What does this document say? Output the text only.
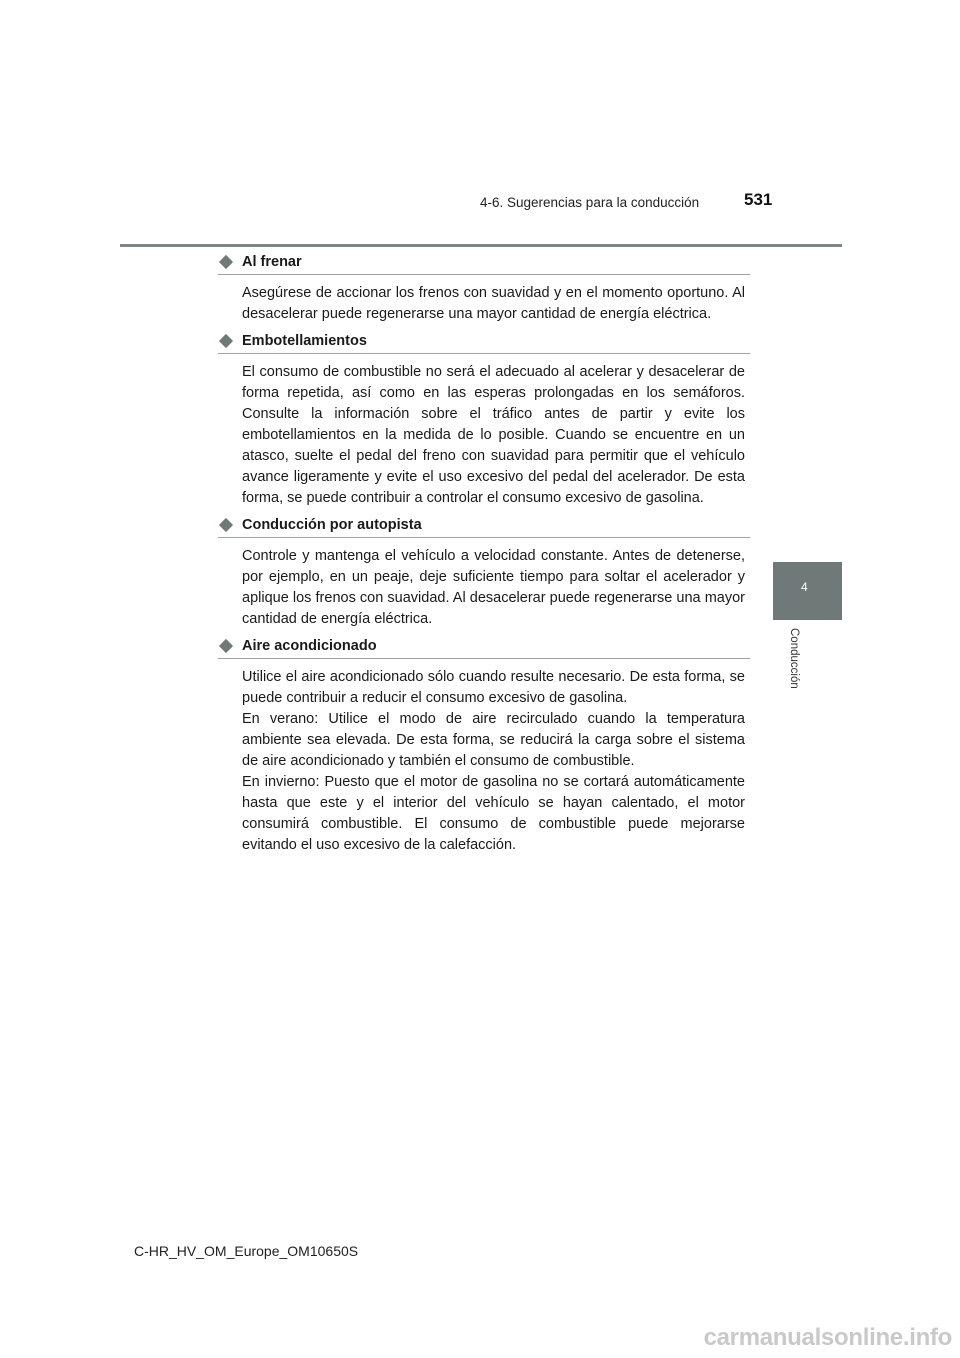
4-6. Sugerencias para la conducción	531
4
Conducción
Al frenar

Asegúrese de accionar los frenos con suavidad y en el momento oportuno. Al desacelerar puede regenerarse una mayor cantidad de energía eléctrica.

Embotellamientos

El consumo de combustible no será el adecuado al acelerar y desacelerar de forma repetida, así como en las esperas prolongadas en los semáforos. Consulte la información sobre el tráfico antes de partir y evite los embotellamientos en la medida de lo posible. Cuando se encuentre en un atasco, suelte el pedal del freno con suavidad para permitir que el vehículo avance ligeramente y evite el uso excesivo del pedal del acelerador. De esta forma, se puede contribuir a controlar el consumo excesivo de gasolina.

Conducción por autopista

Controle y mantenga el vehículo a velocidad constante. Antes de detenerse, por ejemplo, en un peaje, deje suficiente tiempo para soltar el acelerador y aplique los frenos con suavidad. Al desacelerar puede regenerarse una mayor cantidad de energía eléctrica.

Aire acondicionado

Utilice el aire acondicionado sólo cuando resulte necesario. De esta forma, se puede contribuir a reducir el consumo excesivo de gasolina.

En verano: Utilice el modo de aire recirculado cuando la temperatura ambiente sea elevada. De esta forma, se reducirá la carga sobre el sistema de aire acondicionado y también el consumo de combustible.

En invierno: Puesto que el motor de gasolina no se cortará automáticamente hasta que este y el interior del vehículo se hayan calentado, el motor consumirá combustible. El consumo de combustible puede mejorarse evitando el uso excesivo de la calefacción.

C-HR_HV_OM_Europe_OM10650S
carmanualsonline.info
